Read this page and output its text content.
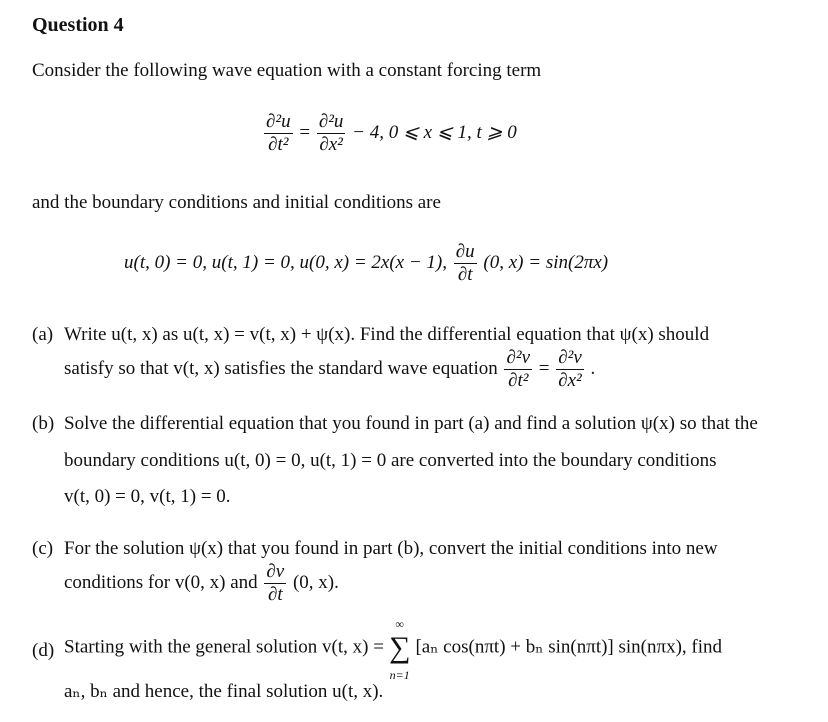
Question 4
Consider the following wave equation with a constant forcing term
$\frac{\text{∂²u}}{\text{∂t²}} = \frac{\text{∂²u}}{\text{∂x²}} - 4$, 0 ⩽ x ⩽ 1, t ⩾ 0
and the boundary conditions and initial conditions are
u(t, 0) = 0, u(t, 1) = 0, u(0, x) = 2x(x − 1), $\frac{\partial u}{\partial t} (0$, x) = sin(2πx)
(a) Write u(t, x) as u(t, x) = v(t, x) + ψ(x). Find the differential equation that ψ(x) should
satisfy so that v(t, x) satisfies the standard wave equation $\frac{\text{∂²v}}{\text{∂t²}} = \frac{\text{∂²v}}{\text{∂x²}}$ .
(b) Solve the differential equation that you found in part (a) and find a solution ψ(x) so that the
boundary conditions u(t, 0) = 0, u(t, 1) = 0 are converted into the boundary conditions
v(t, 0) = 0, v(t, 1) = 0.
(c) For the solution ψ(x) that you found in part (b), convert the initial conditions into new
conditions for v(0, x) and $\frac{\partial v}{\partial t} (0$, x).
(d) Starting with the general solution v(t, x) =
∞
∑
n=1
[aₙ cos(nπt) + bₙ sin(nπt)] sin(nπx), find
aₙ, bₙ and hence, the final solution u(t, x).
